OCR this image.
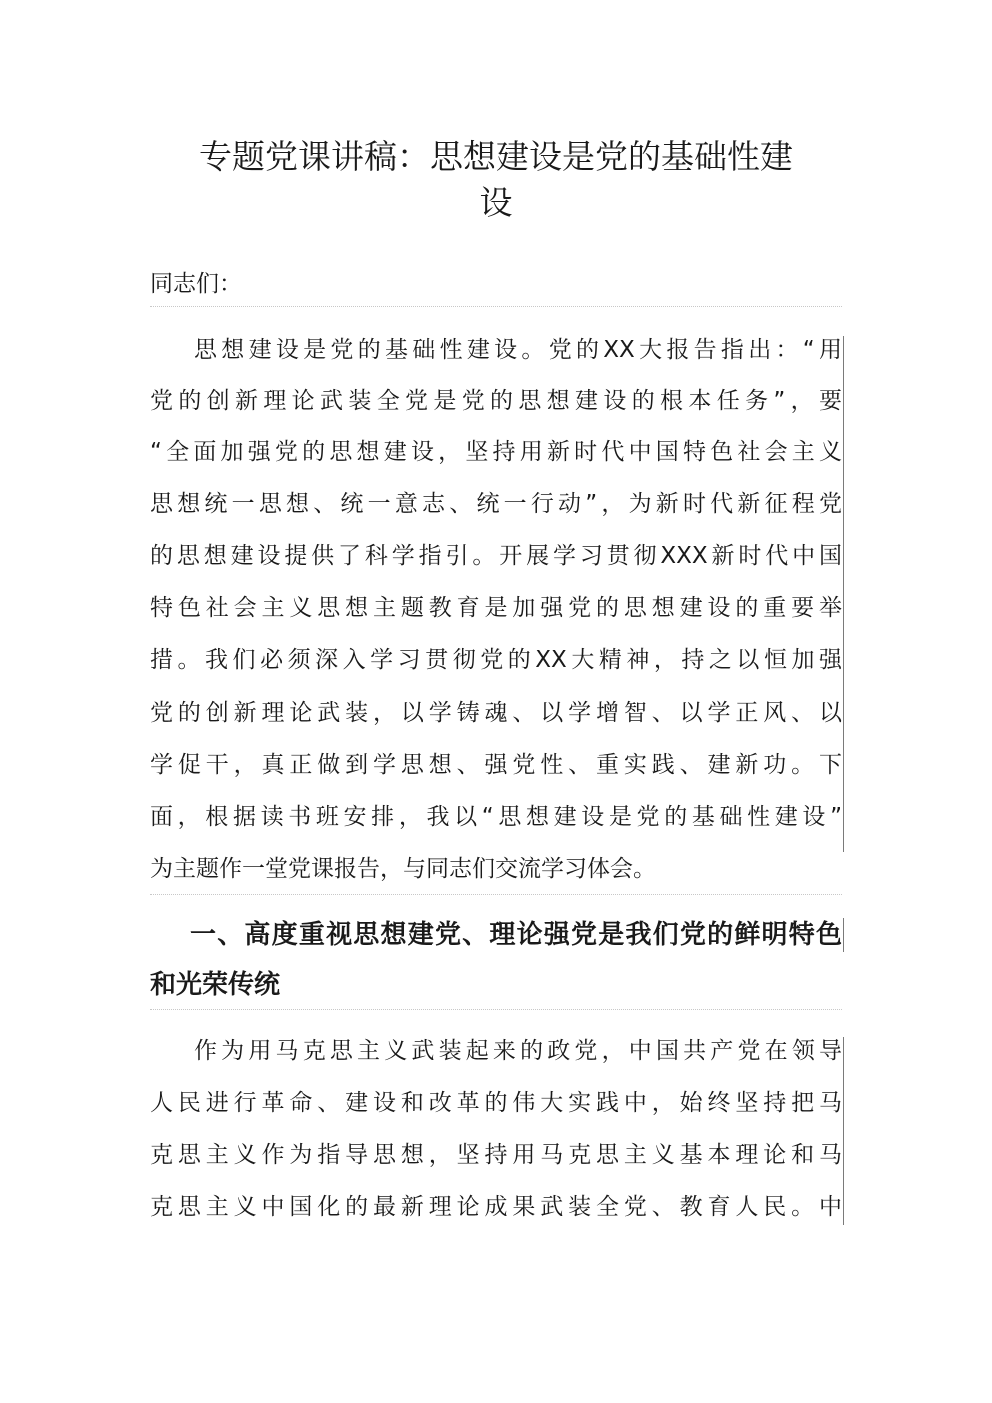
专题党课讲稿：思想建设是党的基础性建
设
同志们：
思想建设是党的基础性建设。党的XX大报告指出：“用
党的创新理论武装全党是党的思想建设的根本任务”，要
“全面加强党的思想建设，坚持用新时代中国特色社会主义
思想统一思想、统一意志、统一行动”，为新时代新征程党
的思想建设提供了科学指引。开展学习贯彻XXX新时代中国
特色社会主义思想主题教育是加强党的思想建设的重要举
措。我们必须深入学习贯彻党的XX大精神，持之以恒加强
党的创新理论武装，以学铸魂、以学增智、以学正风、以
学促干，真正做到学思想、强党性、重实践、建新功。下
面，根据读书班安排，我以“思想建设是党的基础性建设”
为主题作一堂党课报告，与同志们交流学习体会。
一、高度重视思想建党、理论强党是我们党的鲜明特色
和光荣传统
作为用马克思主义武装起来的政党，中国共产党在领导
人民进行革命、建设和改革的伟大实践中，始终坚持把马
克思主义作为指导思想，坚持用马克思主义基本理论和马
克思主义中国化的最新理论成果武装全党、教育人民。中
